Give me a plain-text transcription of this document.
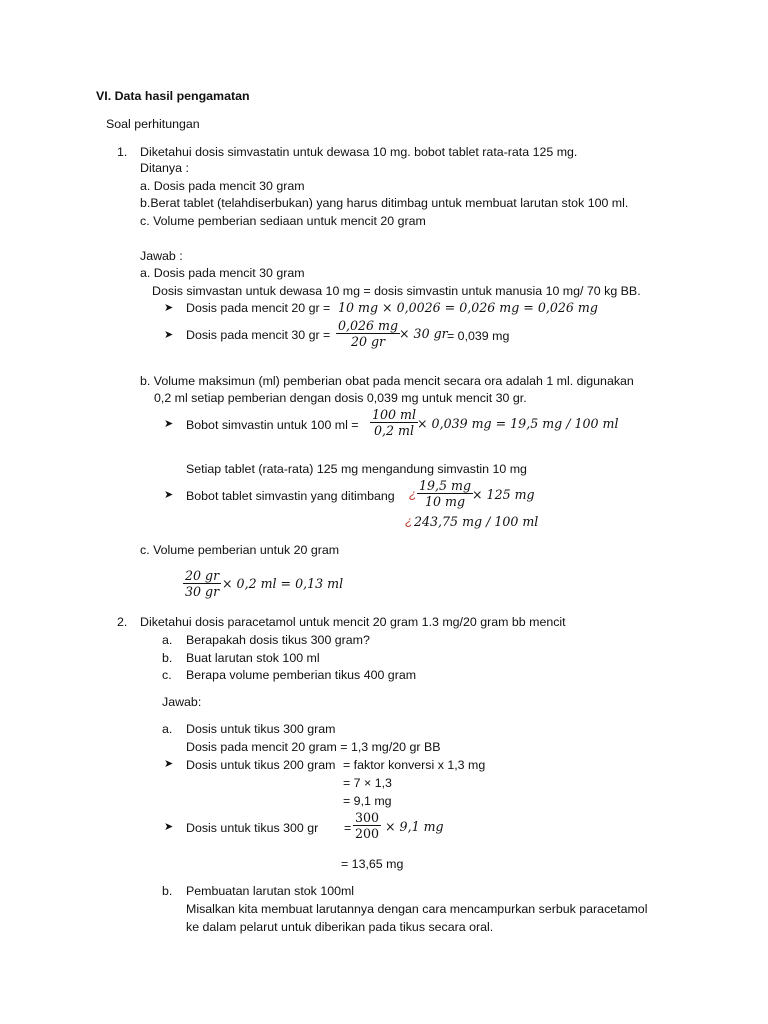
VI. Data hasil pengamatan
Soal perhitungan
1. Diketahui dosis simvastatin untuk dewasa 10 mg. bobot tablet rata-rata 125 mg.
Ditanya :
a. Dosis pada mencit 30 gram
b.Berat tablet (telahdiserbukan) yang harus ditimbag untuk membuat larutan stok 100 ml.
c. Volume pemberian sediaan untuk mencit 20 gram
Jawab :
a. Dosis pada mencit 30 gram
Dosis simvastan untuk dewasa 10 mg = dosis simvastin untuk manusia 10 mg/ 70 kg BB.
➤ Dosis pada mencit 20 gr = 10 mg × 0,0026 = 0,026 mg = 0,026 mg
➤ Dosis pada mencit 30 gr = $\frac{0,026 mg}{20 gr}$
× 30 gr = 0,039 mg
b. Volume maksimun (ml) pemberian obat pada mencit secara ora adalah 1 ml. digunakan
0,2 ml setiap pemberian dengan dosis 0,039 mg untuk mencit 30 gr.
➤ Bobot simvastin untuk 100 ml = $\frac{100 ml}{0,2 ml}$
× 0,039 mg = 19,5 mg / 100 ml
Setiap tablet (rata-rata) 125 mg mengandung simvastin 10 mg
➤ Bobot tablet simvastin yang ditimbang ¿ $\frac{19,5 mg}{10 mg}$
× 125 mg
¿ 243,75 mg / 100 ml
c. Volume pemberian untuk 20 gram
$\frac{20 gr}{30 gr} \times 0,2$ ml = 0,13 ml
2. Diketahui dosis paracetamol untuk mencit 20 gram 1.3 mg/20 gram bb mencit
a. Berapakah dosis tikus 300 gram?
b. Buat larutan stok 100 ml
c. Berapa volume pemberian tikus 400 gram
Jawab:
a. Dosis untuk tikus 300 gram
Dosis pada mencit 20 gram = 1,3 mg/20 gr BB
➤ Dosis untuk tikus 200 gram = faktor konversi x 1,3 mg
= 7 × 1,3
= 9,1 mg
➤ Dosis untuk tikus 300 gr = $\frac{300}{200} \times 9,1$ mg
= 13,65 mg
b. Pembuatan larutan stok 100ml
Misalkan kita membuat larutannya dengan cara mencampurkan serbuk paracetamol
ke dalam pelarut untuk diberikan pada tikus secara oral.
